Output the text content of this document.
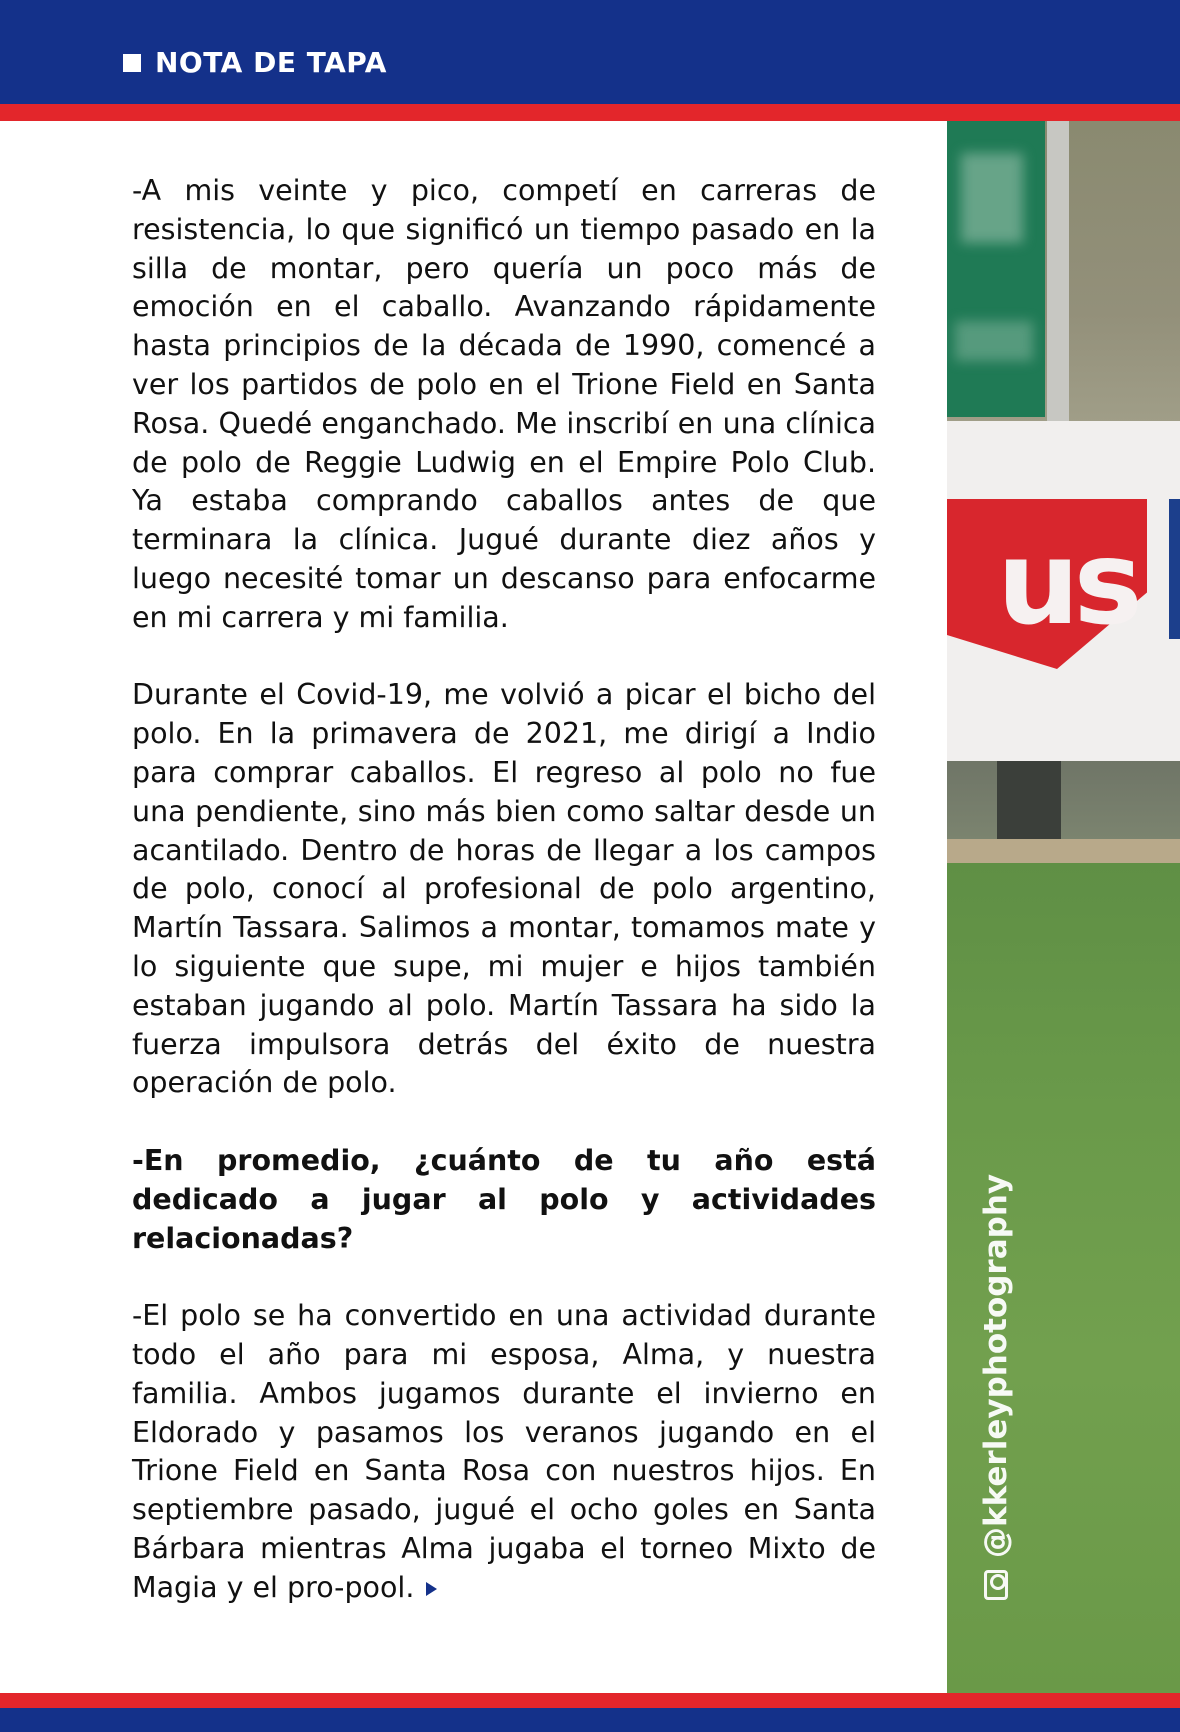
NOTA DE TAPA
us
@kkerleyphotography

-A mis veinte y pico, competí en carreras de resistencia, lo que significó un tiempo pasado en la silla de montar, pero quería un poco más de emoción en el caballo. Avanzando rápidamente hasta principios de la década de 1990, comencé a ver los partidos de polo en el Trione Field en Santa Rosa. Quedé enganchado. Me inscribí en una clínica de polo de Reggie Ludwig en el Empire Polo Club. Ya estaba comprando caballos antes de que terminara la clínica. Jugué durante diez años y luego necesité tomar un descanso para enfocarme en mi carrera y mi familia.

Durante el Covid-19, me volvió a picar el bicho del polo. En la primavera de 2021, me dirigí a Indio para comprar caballos. El regreso al polo no fue una pendiente, sino más bien como saltar desde un acantilado. Dentro de horas de llegar a los campos de polo, conocí al profesional de polo argentino, Martín Tassara. Salimos a montar, tomamos mate y lo siguiente que supe, mi mujer e hijos también estaban jugando al polo. Martín Tassara ha sido la fuerza impulsora detrás del éxito de nuestra operación de polo.

-En promedio, ¿cuánto de tu año está dedicado a jugar al polo y actividades relacionadas?

-El polo se ha convertido en una actividad durante todo el año para mi esposa, Alma, y nuestra familia. Ambos jugamos durante el invierno en Eldorado y pasamos los veranos jugando en el Trione Field en Santa Rosa con nuestros hijos. En septiembre pasado, jugué el ocho goles en Santa Bárbara mientras Alma jugaba el torneo Mixto de Magia y el pro-pool.
